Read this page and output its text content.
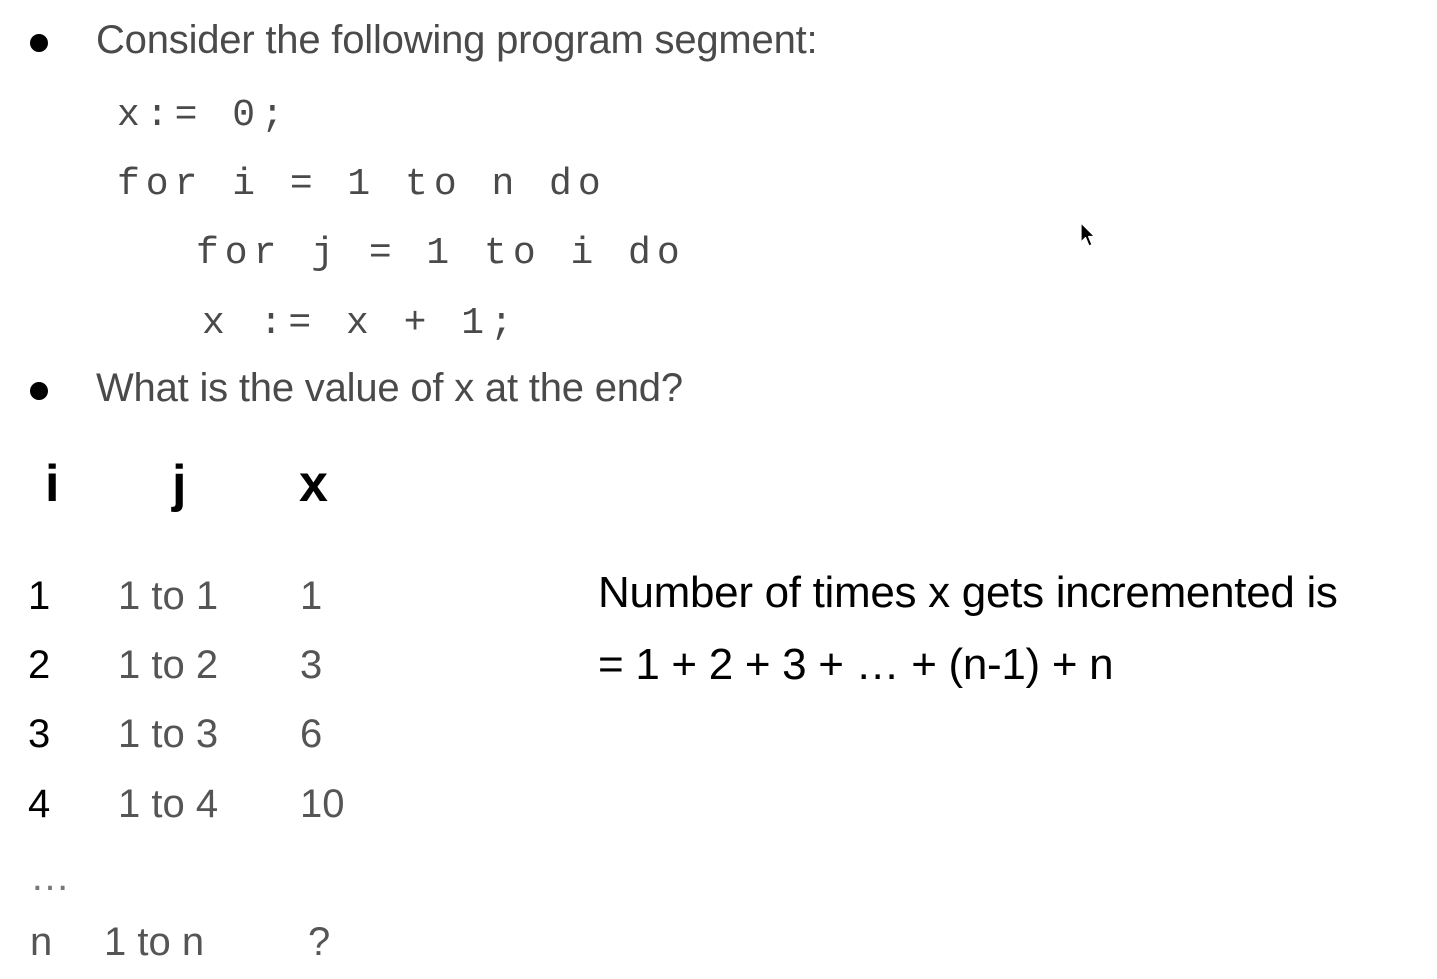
Consider the following program segment:
x:= 0;
for i = 1 to n do
for j = 1 to i do
x := x + 1;
What is the value of x at the end?
i j x
1 1 to 1 1
2 1 to 2 3
3 1 to 3 6
4 1 to 4 10
…
n 1 to n	?
Number of times x gets incremented is
= 1 + 2 + 3 + … + (n-1) + n
